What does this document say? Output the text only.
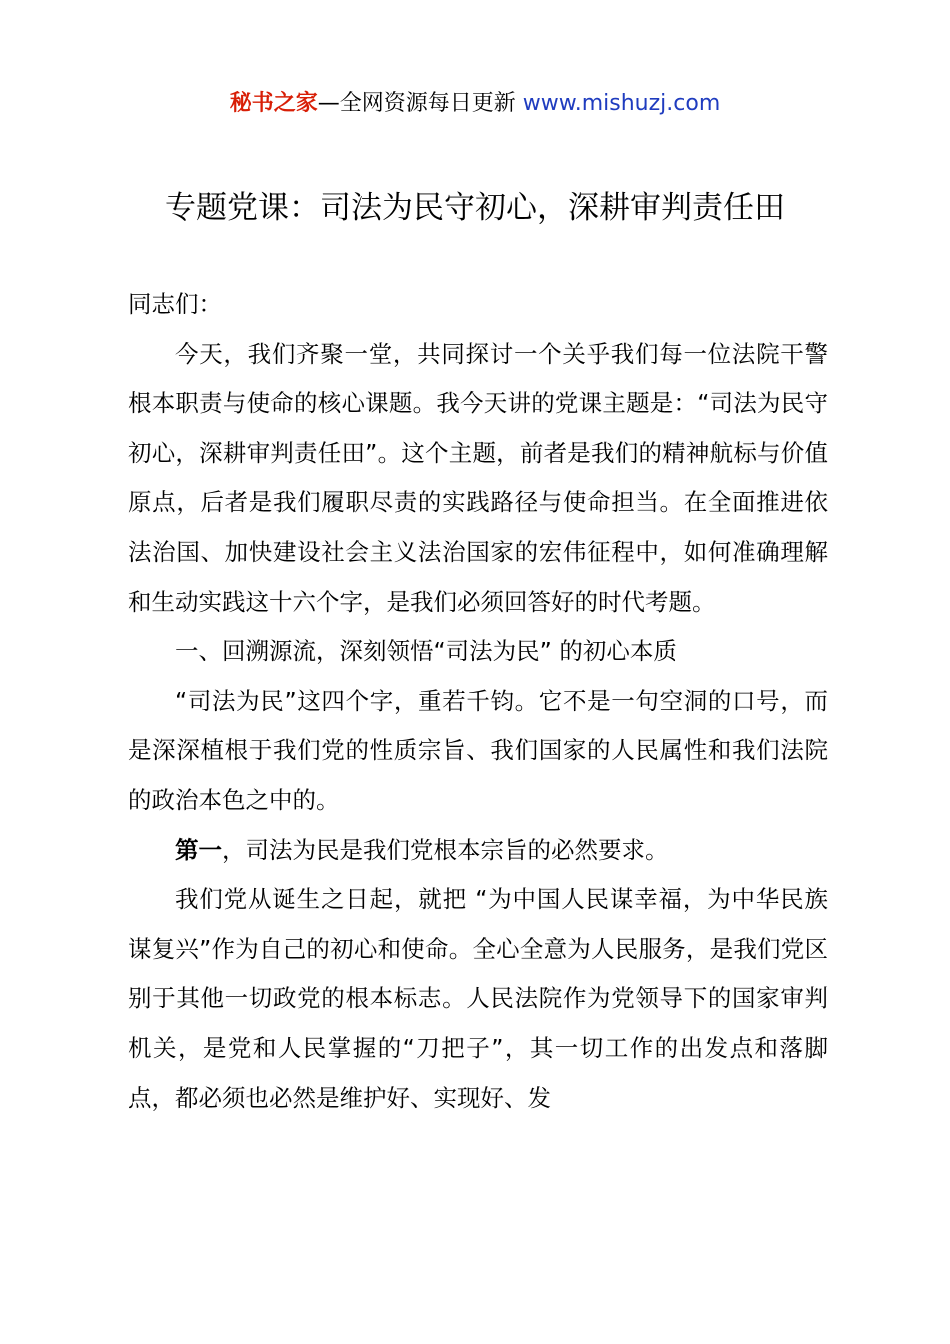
秘书之家—全网资源每日更新 www.mishuzj.com
专题党课：司法为民守初心，深耕审判责任田

同志们：

今天，我们齐聚一堂，共同探讨一个关乎我们每一位法院干警根本职责与使命的核心课题。我今天讲的党课主题是：“司法为民守初心，深耕审判责任田”。这个主题，前者是我们的精神航标与价值原点，后者是我们履职尽责的实践路径与使命担当。在全面推进依法治国、加快建设社会主义法治国家的宏伟征程中，如何准确理解和生动实践这十六个字，是我们必须回答好的时代考题。

一、回溯源流，深刻领悟“司法为民” 的初心本质

“司法为民”这四个字，重若千钧。它不是一句空洞的口号，而是深深植根于我们党的性质宗旨、我们国家的人民属性和我们法院的政治本色之中的。

第一，司法为民是我们党根本宗旨的必然要求。

我们党从诞生之日起，就把 “为中国人民谋幸福，为中华民族谋复兴”作为自己的初心和使命。全心全意为人民服务，是我们党区别于其他一切政党的根本标志。人民法院作为党领导下的国家审判机关，是党和人民掌握的“刀把子”，其一切工作的出发点和落脚点，都必须也必然是维护好、实现好、发
